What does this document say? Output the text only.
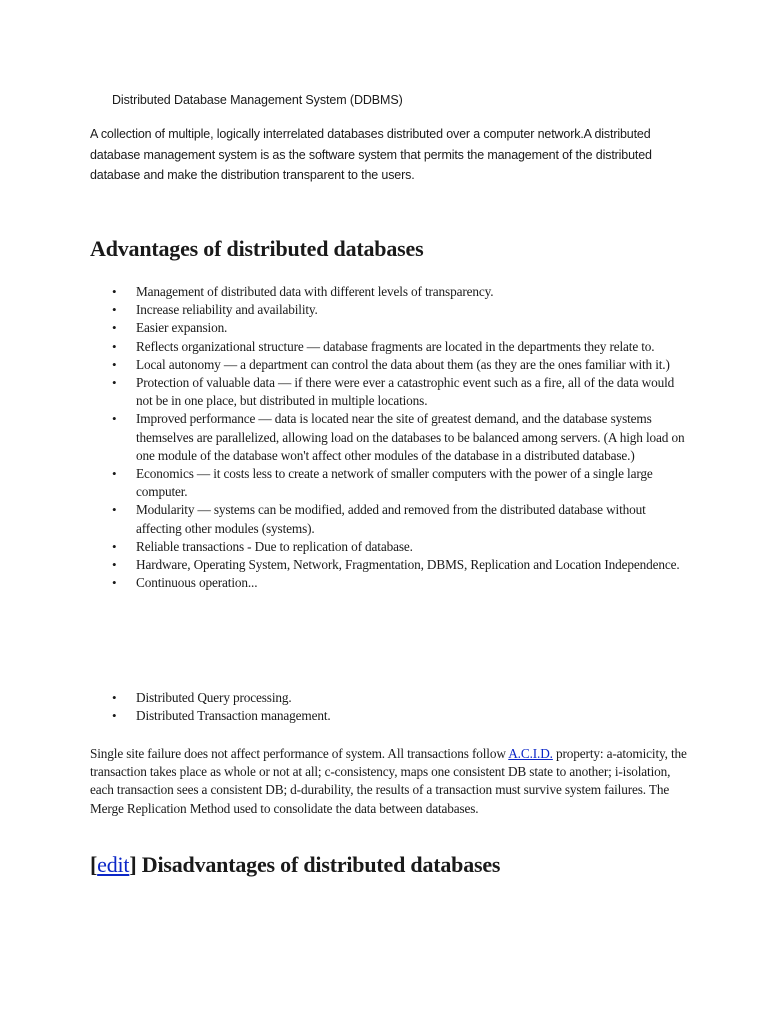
Distributed Database Management System (DDBMS)

A collection of multiple, logically interrelated databases distributed over a computer network.A distributed database management system is as the software system that permits the management of the distributed database and make the distribution transparent to the users.

Advantages of distributed databases
• Management of distributed data with different levels of transparency.
• Increase reliability and availability.
• Easier expansion.
• Reflects organizational structure — database fragments are located in the departments they relate to.
• Local autonomy — a department can control the data about them (as they are the ones familiar with it.)
• Protection of valuable data — if there were ever a catastrophic event such as a fire, all of the data would not be in one place, but distributed in multiple locations.
• Improved performance — data is located near the site of greatest demand, and the database systems themselves are parallelized, allowing load on the databases to be balanced among servers. (A high load on one module of the database won't affect other modules of the database in a distributed database.)
• Economics — it costs less to create a network of smaller computers with the power of a single large computer.
• Modularity — systems can be modified, added and removed from the distributed database without affecting other modules (systems).
• Reliable transactions - Due to replication of database.
• Hardware, Operating System, Network, Fragmentation, DBMS, Replication and Location Independence.
• Continuous operation...
• Distributed Query processing.
• Distributed Transaction management.

Single site failure does not affect performance of system. All transactions follow A.C.I.D. property: a-atomicity, the transaction takes place as whole or not at all; c-consistency, maps one consistent DB state to another; i-isolation, each transaction sees a consistent DB; d-durability, the results of a transaction must survive system failures. The Merge Replication Method used to consolidate the data between databases.

[edit] Disadvantages of distributed databases
